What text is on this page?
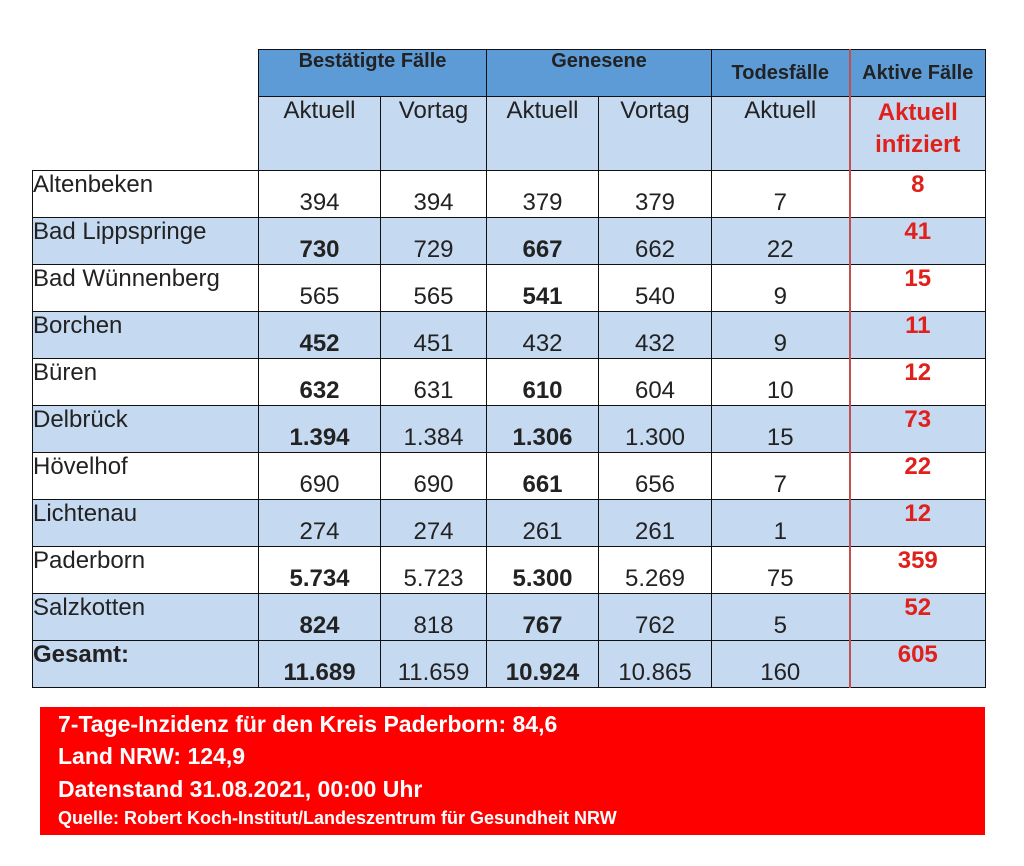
	Bestätigte Fälle		Genesene		Todesfälle	Aktive Fälle
	Aktuell	Vortag	Aktuell	Vortag	Aktuell	Aktuell
infiziert
Altenbeken	394	394	379	379	7	8
Bad Lippspringe	730	729	667	662	22	41
Bad Wünnenberg	565	565	541	540	9	15
Borchen	452	451	432	432	9	11
Büren	632	631	610	604	10	12
Delbrück	1.394	1.384	1.306	1.300	15	73
Hövelhof	690	690	661	656	7	22
Lichtenau	274	274	261	261	1	12
Paderborn	5.734	5.723	5.300	5.269	75	359
Salzkotten	824	818	767	762	5	52
Gesamt:	11.689	11.659	10.924	10.865	160	605
7-Tage-Inzidenz für den Kreis Paderborn: 84,6
Land NRW: 124,9
Datenstand 31.08.2021, 00:00 Uhr
Quelle: Robert Koch-Institut/Landeszentrum für Gesundheit NRW
